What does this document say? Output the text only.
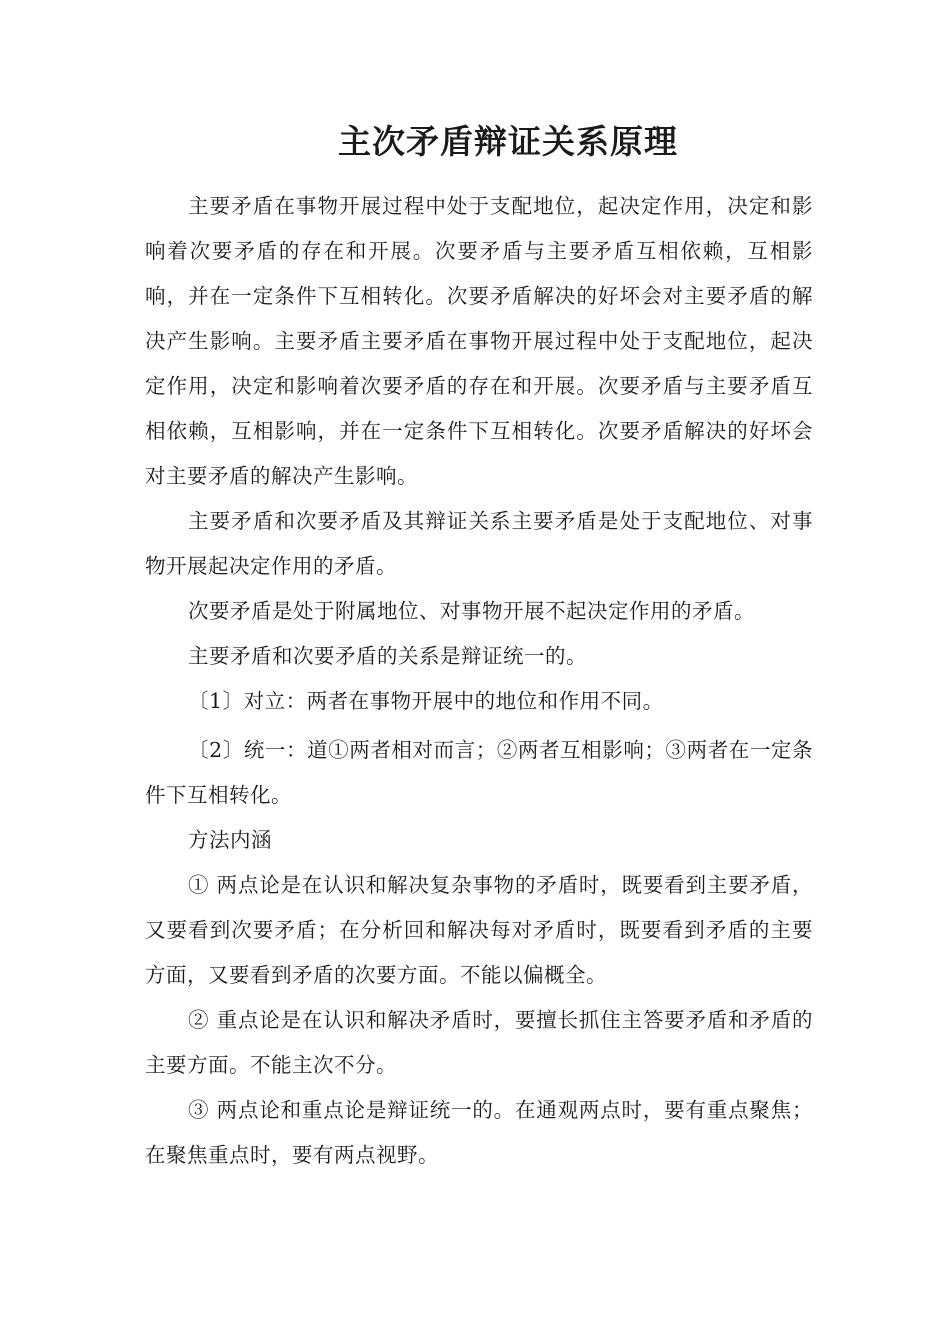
主次矛盾辩证关系原理

主要矛盾在事物开展过程中处于支配地位，起决定作用，决定和影响着次要矛盾的存在和开展。次要矛盾与主要矛盾互相依赖，互相影响，并在一定条件下互相转化。次要矛盾解决的好坏会对主要矛盾的解决产生影响。主要矛盾主要矛盾在事物开展过程中处于支配地位，起决定作用，决定和影响着次要矛盾的存在和开展。次要矛盾与主要矛盾互相依赖，互相影响，并在一定条件下互相转化。次要矛盾解决的好坏会对主要矛盾的解决产生影响。

主要矛盾和次要矛盾及其辩证关系主要矛盾是处于支配地位、对事物开展起决定作用的矛盾。

次要矛盾是处于附属地位、对事物开展不起决定作用的矛盾。

主要矛盾和次要矛盾的关系是辩证统一的。

〔1〕对立：两者在事物开展中的地位和作用不同。

〔2〕统一：道①两者相对而言；②两者互相影响；③两者在一定条件下互相转化。

方法内涵

① 两点论是在认识和解决复杂事物的矛盾时，既要看到主要矛盾，又要看到次要矛盾；在分析回和解决每对矛盾时，既要看到矛盾的主要方面，又要看到矛盾的次要方面。不能以偏概全。

② 重点论是在认识和解决矛盾时，要擅长抓住主答要矛盾和矛盾的主要方面。不能主次不分。

③ 两点论和重点论是辩证统一的。在通观两点时，要有重点聚焦；在聚焦重点时，要有两点视野。
